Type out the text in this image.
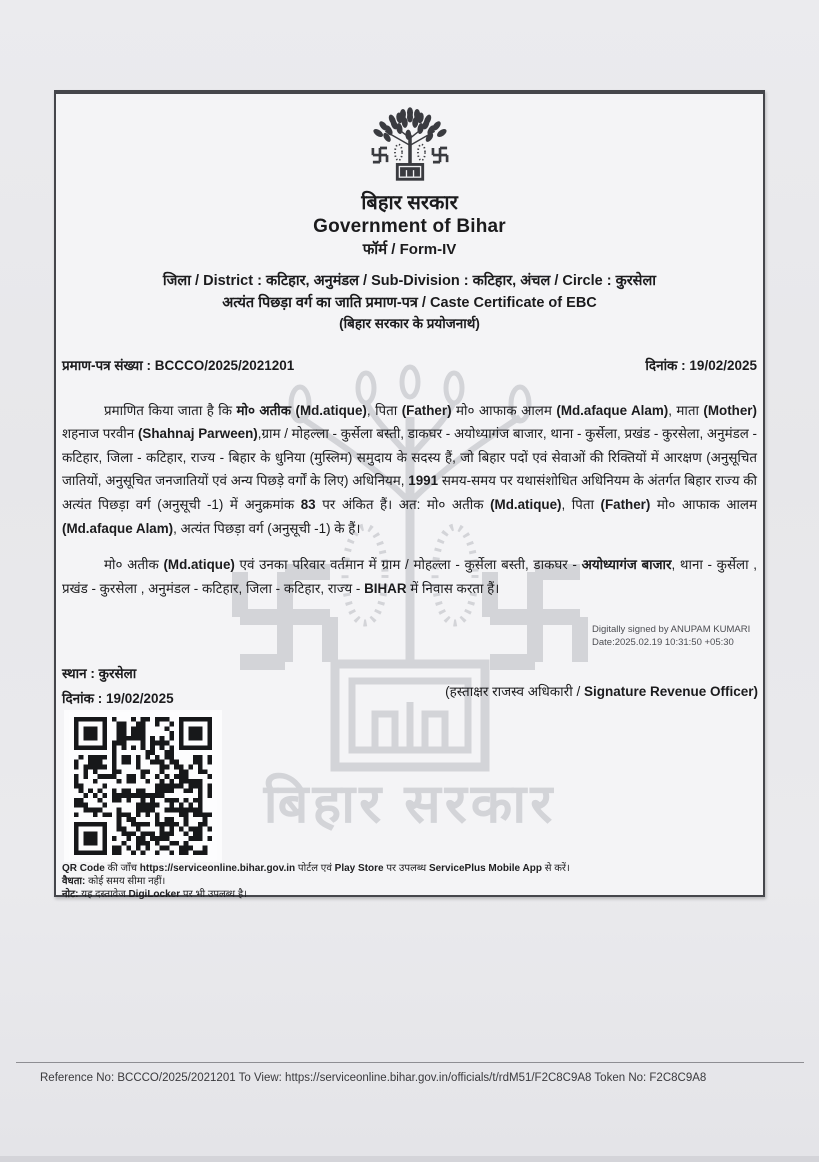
बिहार सरकार
बिहार सरकार
Government of Bihar
फॉर्म / Form-IV
जिला / District : कटिहार, अनुमंडल / Sub-Division : कटिहार, अंचल / Circle : कुरसेला
अत्यंत पिछड़ा वर्ग का जाति प्रमाण-पत्र / Caste Certificate of EBC
(बिहार सरकार के प्रयोजनार्थ)
प्रमाण-पत्र संख्या : BCCCO/2025/2021201	दिनांक : 19/02/2025

प्रमाणित किया जाता है कि मो० अतीक (Md.atique), पिता (Father) मो० आफाक आलम (Md.afaque Alam), माता (Mother) शहनाज परवीन (Shahnaj Parween),ग्राम / मोहल्ला - कुर्सेला बस्ती, डाकघर - अयोध्यागंज बाजार, थाना - कुर्सेला, प्रखंड - कुरसेला, अनुमंडल - कटिहार, जिला - कटिहार, राज्य - बिहार के धुनिया (मुस्लिम) समुदाय के सदस्य हैं, जो बिहार पदों एवं सेवाओं की रिक्तियों में आरक्षण (अनुसूचित जातियों, अनुसूचित जनजातियों एवं अन्य पिछड़े वर्गों के लिए) अधिनियम, 1991 समय-समय पर यथासंशोधित अधिनियम के अंतर्गत बिहार राज्य की अत्यंत पिछड़ा वर्ग (अनुसूची -1) में अनुक्रमांक 83 पर अंकित हैं। अत: मो० अतीक (Md.atique), पिता (Father) मो० आफाक आलम (Md.afaque Alam), अत्यंत पिछड़ा वर्ग (अनुसूची -1) के हैं।

मो० अतीक (Md.atique) एवं उनका परिवार वर्तमान में ग्राम / मोहल्ला - कुर्सेला बस्ती, डाकघर - अयोध्यागंज बाजार, थाना - कुर्सेला , प्रखंड - कुरसेला , अनुमंडल - कटिहार, जिला - कटिहार, राज्य - BIHAR में निवास करता हैं।

Digitally signed by ANUPAM KUMARI
Date:2025.02.19 10:31:50 +05:30
स्थान : कुरसेला
दिनांक : 19/02/2025	(हस्ताक्षर राजस्व अधिकारी / Signature Revenue Officer)

QR Code की जाँच https://serviceonline.bihar.gov.in पोर्टल एवं Play Store पर उपलब्ध ServicePlus Mobile App से करें।

वैधता: कोई समय सीमा नहीं।

नोट: यह दस्तावेज DigiLocker पर भी उपलब्ध है।

Reference No: BCCCO/2025/2021201 To View: https://serviceonline.bihar.gov.in/officials/t/rdM51/F2C8C9A8 Token No: F2C8C9A8
